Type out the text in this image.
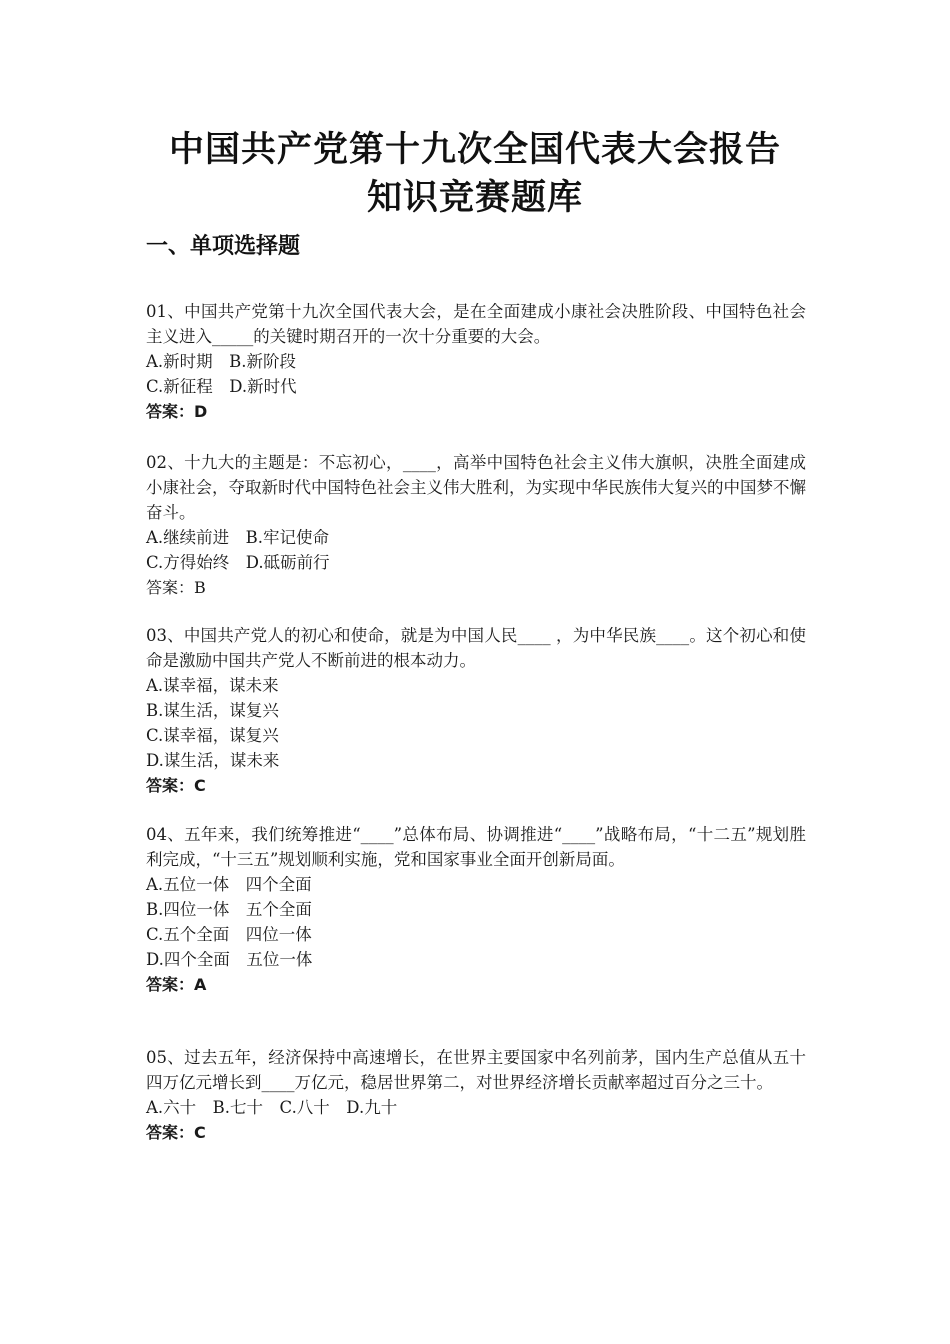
中国共产党第十九次全国代表大会报告
知识竞赛题库
一、单项选择题

01、中国共产党第十九次全国代表大会，是在全面建成小康社会决胜阶段、中国特色社会主义进入_____的关键时期召开的一次十分重要的大会。

A.新时期　B.新阶段

C.新征程　D.新时代

答案：D

02、十九大的主题是：不忘初心，____，高举中国特色社会主义伟大旗帜，决胜全面建成小康社会，夺取新时代中国特色社会主义伟大胜利，为实现中华民族伟大复兴的中国梦不懈奋斗。

A.继续前进　B.牢记使命

C.方得始终　D.砥砺前行

答案：B

03、中国共产党人的初心和使命，就是为中国人民____ ，为中华民族____。这个初心和使命是激励中国共产党人不断前进的根本动力。

A.谋幸福，谋未来

B.谋生活，谋复兴

C.谋幸福，谋复兴

D.谋生活，谋未来

答案：C

04、五年来，我们统筹推进“____”总体布局、协调推进“____”战略布局，“十二五”规划胜利完成，“十三五”规划顺利实施，党和国家事业全面开创新局面。

A.五位一体　四个全面

B.四位一体　五个全面

C.五个全面　四位一体

D.四个全面　五位一体

答案：A

05、过去五年，经济保持中高速增长，在世界主要国家中名列前茅，国内生产总值从五十四万亿元增长到____万亿元，稳居世界第二，对世界经济增长贡献率超过百分之三十。

A.六十　B.七十　C.八十　D.九十

答案：C
